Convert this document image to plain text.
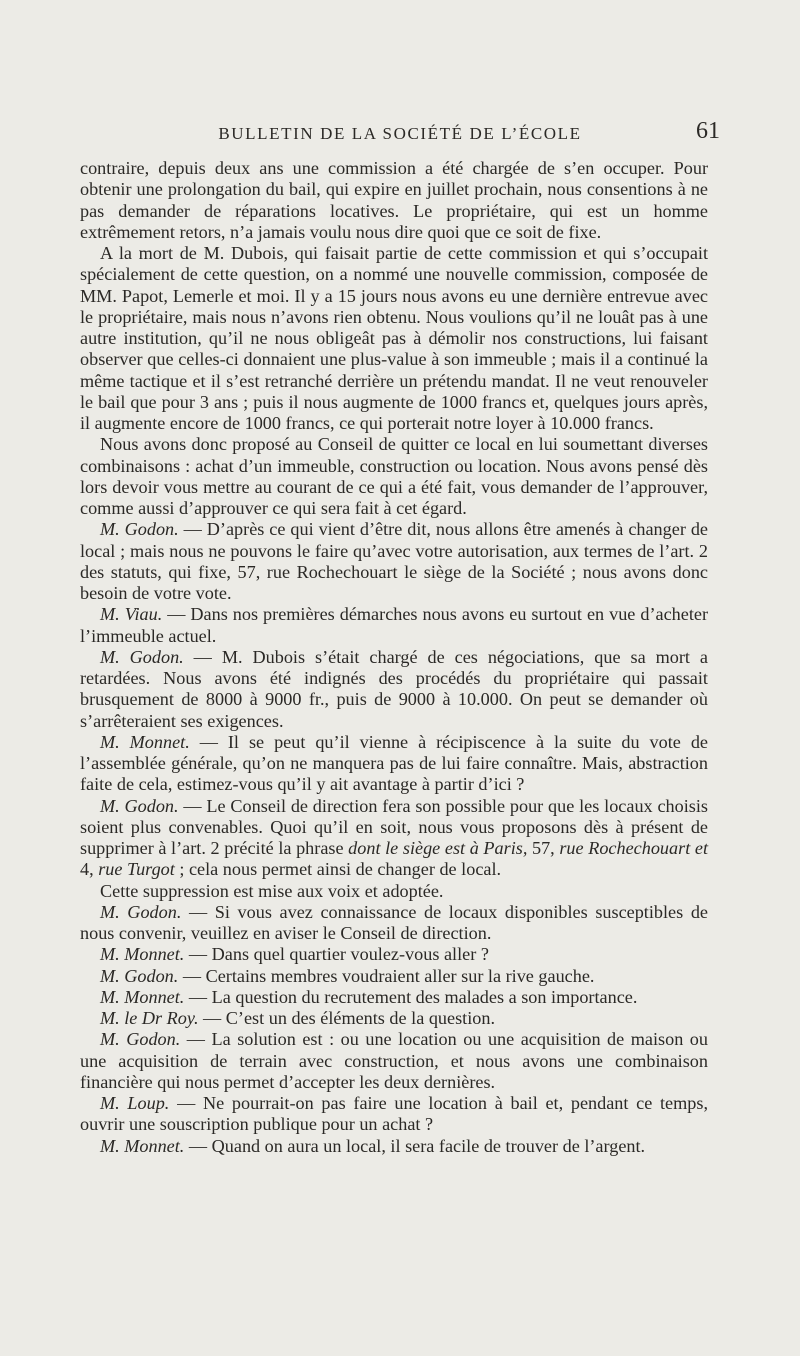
BULLETIN DE LA SOCIÉTÉ DE L’ÉCOLE	61

contraire, depuis deux ans une commission a été chargée de s’en occuper. Pour obtenir une prolongation du bail, qui expire en juillet prochain, nous consentions à ne pas demander de réparations locatives. Le propriétaire, qui est un homme extrêmement retors, n’a jamais voulu nous dire quoi que ce soit de fixe.

A la mort de M. Dubois, qui faisait partie de cette commission et qui s’occupait spécialement de cette question, on a nommé une nouvelle commission, composée de MM. Papot, Lemerle et moi. Il y a 15 jours nous avons eu une dernière entrevue avec le propriétaire, mais nous n’avons rien obtenu. Nous voulions qu’il ne louât pas à une autre institution, qu’il ne nous obligeât pas à démolir nos constructions, lui faisant observer que celles-ci donnaient une plus-value à son immeuble ; mais il a continué la même tactique et il s’est retranché derrière un prétendu mandat. Il ne veut renouveler le bail que pour 3 ans ; puis il nous augmente de 1000 francs et, quelques jours après, il augmente encore de 1000 francs, ce qui porterait notre loyer à 10.000 francs.

Nous avons donc proposé au Conseil de quitter ce local en lui soumettant diverses combinaisons : achat d’un immeuble, construction ou location. Nous avons pensé dès lors devoir vous mettre au courant de ce qui a été fait, vous demander de l’approuver, comme aussi d’approuver ce qui sera fait à cet égard.

M. Godon. — D’après ce qui vient d’être dit, nous allons être amenés à changer de local ; mais nous ne pouvons le faire qu’avec votre autorisation, aux termes de l’art. 2 des statuts, qui fixe, 57, rue Rochechouart le siège de la Société ; nous avons donc besoin de votre vote.

M. Viau. — Dans nos premières démarches nous avons eu surtout en vue d’acheter l’immeuble actuel.

M. Godon. — M. Dubois s’était chargé de ces négociations, que sa mort a retardées. Nous avons été indignés des procédés du propriétaire qui passait brusquement de 8000 à 9000 fr., puis de 9000 à 10.000. On peut se demander où s’arrêteraient ses exigences.

M. Monnet. — Il se peut qu’il vienne à récipiscence à la suite du vote de l’assemblée générale, qu’on ne manquera pas de lui faire connaître. Mais, abstraction faite de cela, estimez-vous qu’il y ait avantage à partir d’ici ?

M. Godon. — Le Conseil de direction fera son possible pour que les locaux choisis soient plus convenables. Quoi qu’il en soit, nous vous proposons dès à présent de supprimer à l’art. 2 précité la phrase dont le siège est à Paris, 57, rue Rochechouart et 4, rue Turgot ; cela nous permet ainsi de changer de local.

Cette suppression est mise aux voix et adoptée.

M. Godon. — Si vous avez connaissance de locaux disponibles susceptibles de nous convenir, veuillez en aviser le Conseil de direction.

M. Monnet. — Dans quel quartier voulez-vous aller ?

M. Godon. — Certains membres voudraient aller sur la rive gauche.

M. Monnet. — La question du recrutement des malades a son importance.

M. le Dr Roy. — C’est un des éléments de la question.

M. Godon. — La solution est : ou une location ou une acquisition de maison ou une acquisition de terrain avec construction, et nous avons une combinaison financière qui nous permet d’accepter les deux dernières.

M. Loup. — Ne pourrait-on pas faire une location à bail et, pendant ce temps, ouvrir une souscription publique pour un achat ?

M. Monnet. — Quand on aura un local, il sera facile de trouver de l’argent.
